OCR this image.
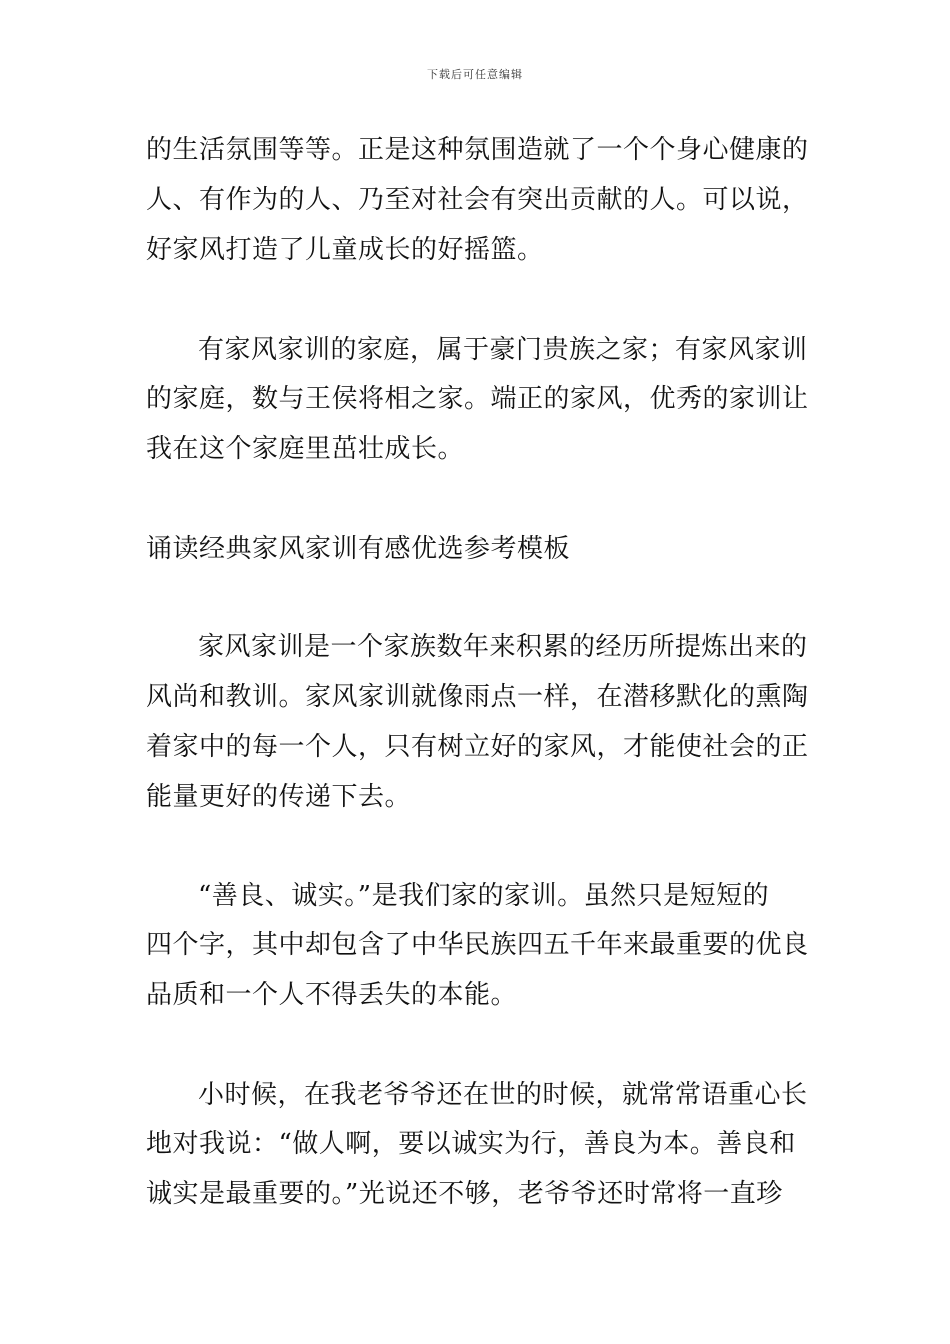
下载后可任意编辑
的生活氛围等等。正是这种氛围造就了一个个身心健康的
人、有作为的人、乃至对社会有突出贡献的人。可以说，
好家风打造了儿童成长的好摇篮。
有家风家训的家庭，属于豪门贵族之家；有家风家训
的家庭，数与王侯将相之家。端正的家风，优秀的家训让
我在这个家庭里茁壮成长。
诵读经典家风家训有感优选参考模板
家风家训是一个家族数年来积累的经历所提炼出来的
风尚和教训。家风家训就像雨点一样，在潜移默化的熏陶
着家中的每一个人，只有树立好的家风，才能使社会的正
能量更好的传递下去。
“善良、诚实。”是我们家的家训。虽然只是短短的
四个字，其中却包含了中华民族四五千年来最重要的优良
品质和一个人不得丢失的本能。
小时候，在我老爷爷还在世的时候，就常常语重心长
地对我说：“做人啊，要以诚实为行，善良为本。善良和
诚实是最重要的。”光说还不够，老爷爷还时常将一直珍
